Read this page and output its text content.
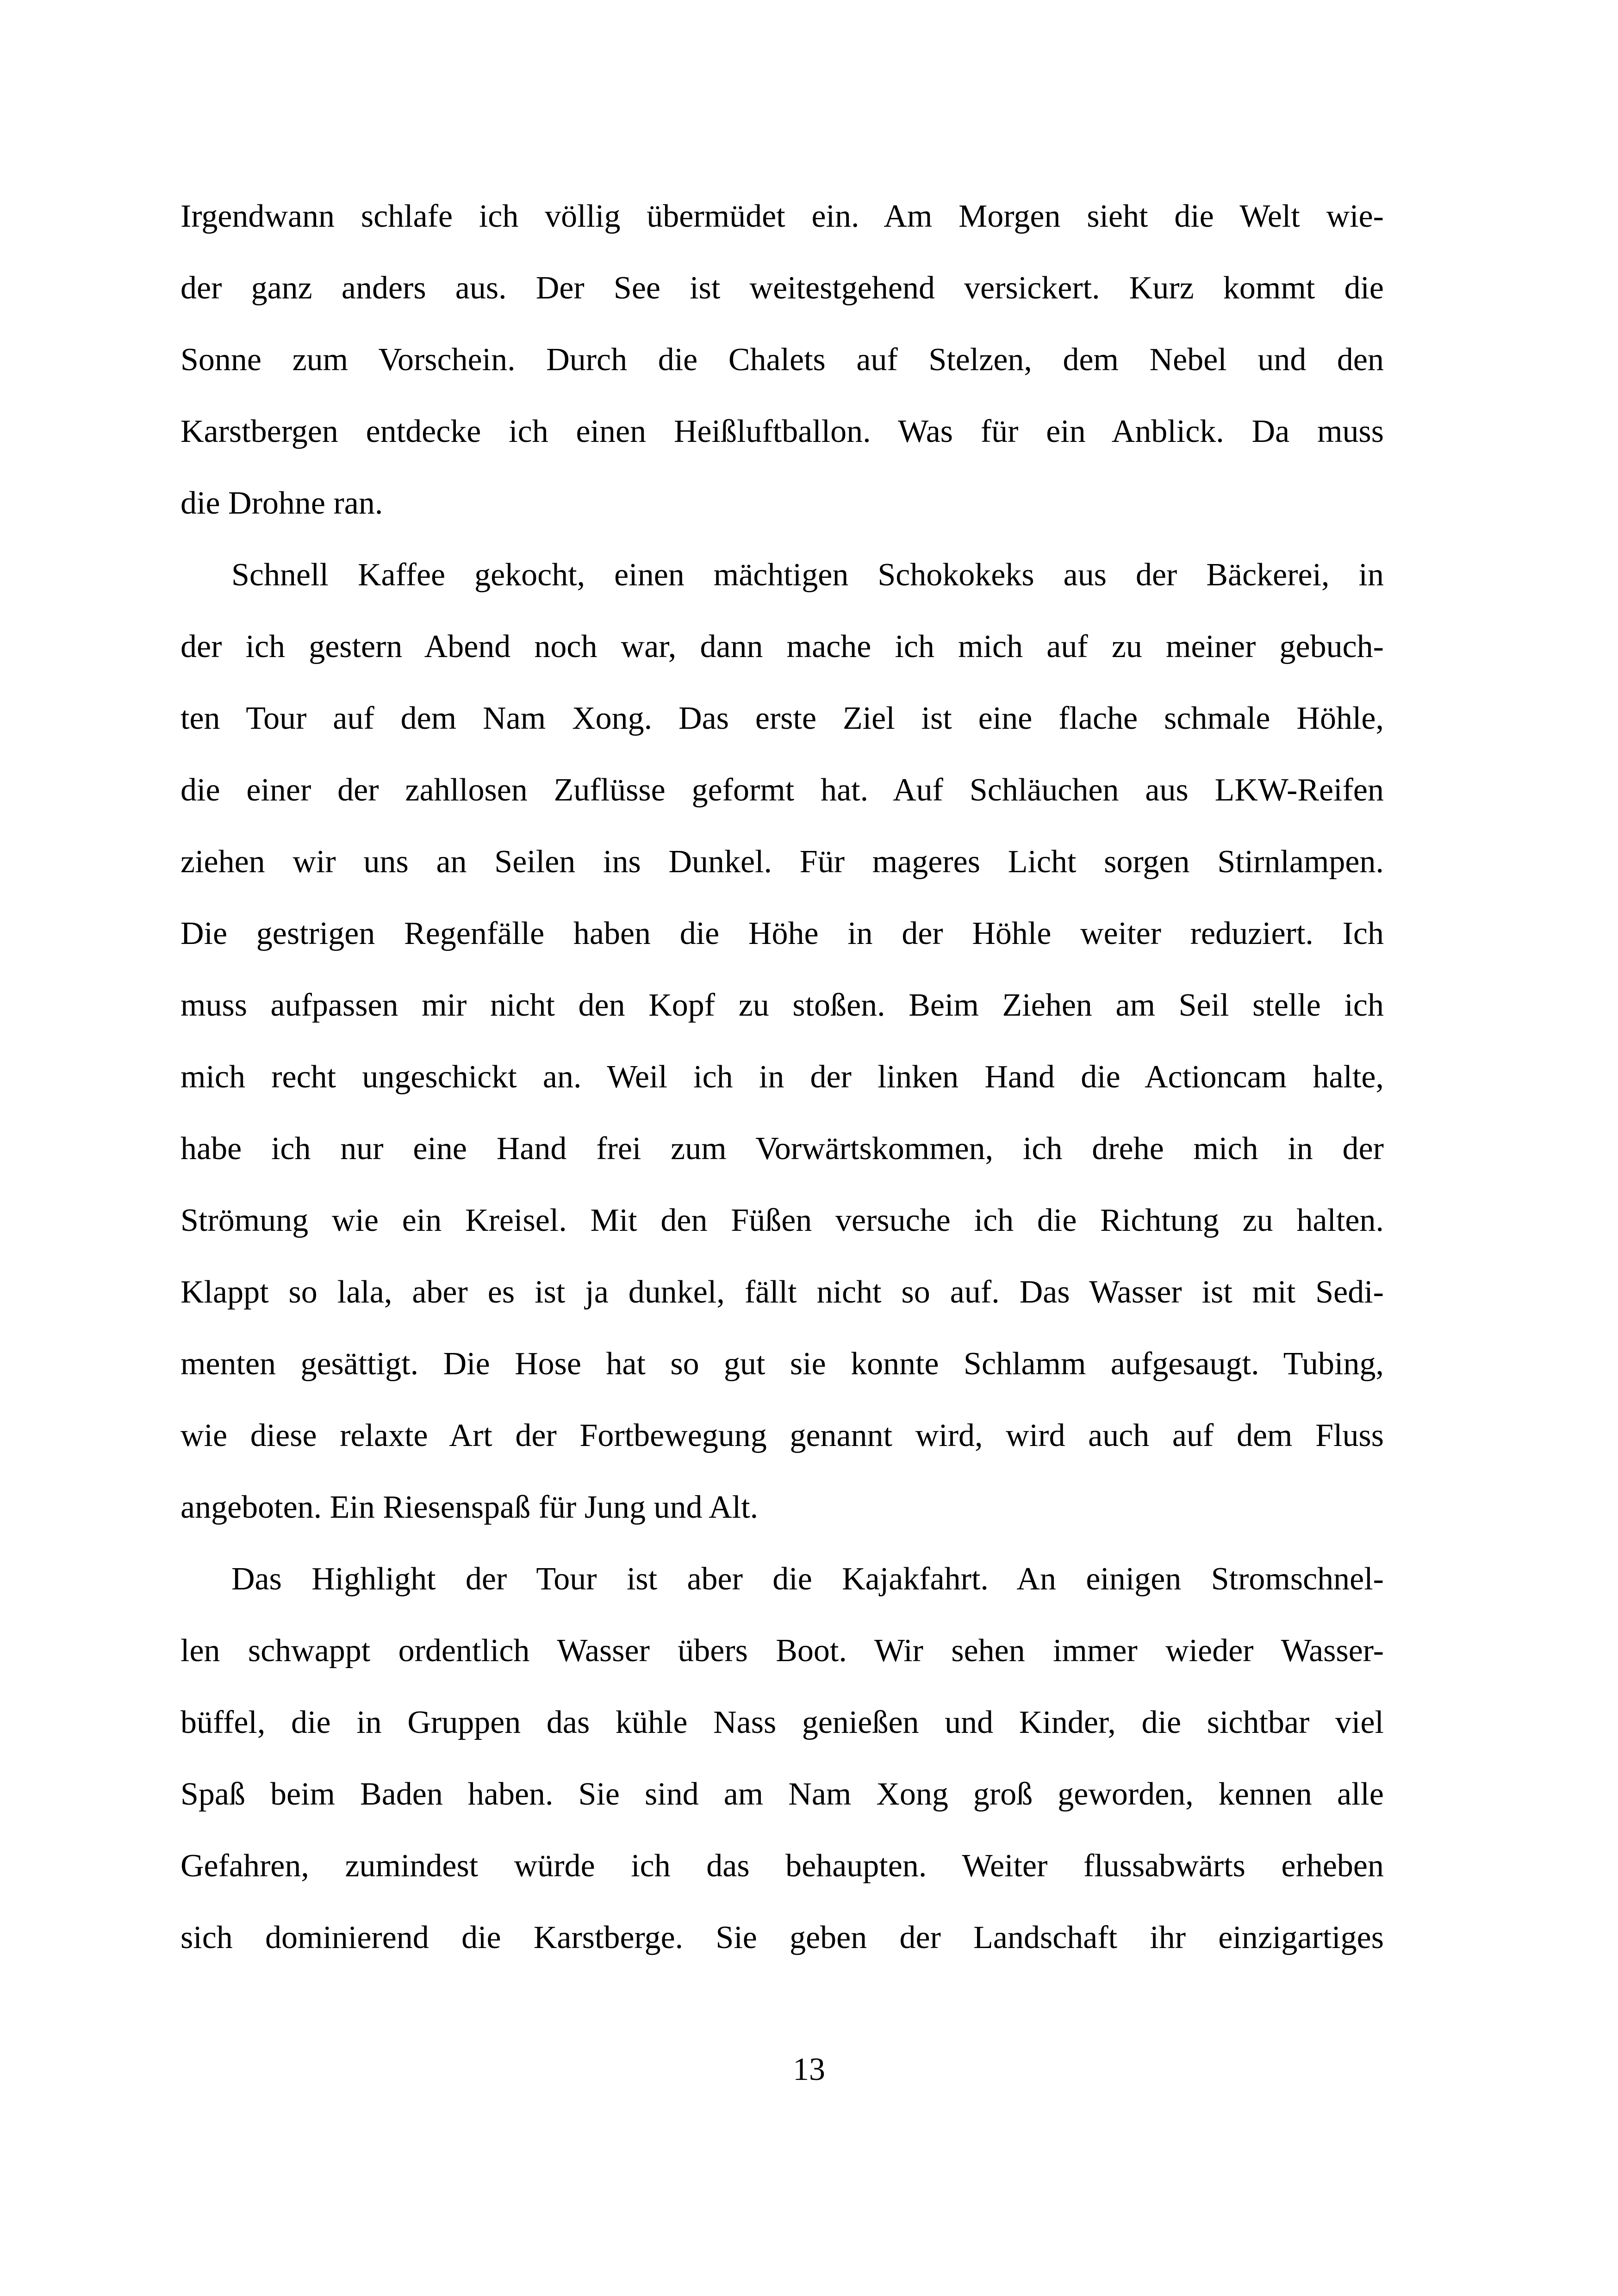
Irgendwann schlafe ich völlig übermüdet ein. Am Morgen sieht die Welt wie-

der ganz anders aus. Der See ist weitestgehend versickert. Kurz kommt die

Sonne zum Vorschein. Durch die Chalets auf Stelzen, dem Nebel und den

Karstbergen entdecke ich einen Heißluftballon. Was für ein Anblick. Da muss

die Drohne ran.

Schnell Kaffee gekocht, einen mächtigen Schokokeks aus der Bäckerei, in

der ich gestern Abend noch war, dann mache ich mich auf zu meiner gebuch-

ten Tour auf dem Nam Xong. Das erste Ziel ist eine flache schmale Höhle,

die einer der zahllosen Zuflüsse geformt hat. Auf Schläuchen aus LKW-Reifen

ziehen wir uns an Seilen ins Dunkel. Für mageres Licht sorgen Stirnlampen.

Die gestrigen Regenfälle haben die Höhe in der Höhle weiter reduziert. Ich

muss aufpassen mir nicht den Kopf zu stoßen. Beim Ziehen am Seil stelle ich

mich recht ungeschickt an. Weil ich in der linken Hand die Actioncam halte,

habe ich nur eine Hand frei zum Vorwärtskommen, ich drehe mich in der

Strömung wie ein Kreisel. Mit den Füßen versuche ich die Richtung zu halten.

Klappt so lala, aber es ist ja dunkel, fällt nicht so auf. Das Wasser ist mit Sedi-

menten gesättigt. Die Hose hat so gut sie konnte Schlamm aufgesaugt. Tubing,

wie diese relaxte Art der Fortbewegung genannt wird, wird auch auf dem Fluss

angeboten. Ein Riesenspaß für Jung und Alt.

Das Highlight der Tour ist aber die Kajakfahrt. An einigen Stromschnel-

len schwappt ordentlich Wasser übers Boot. Wir sehen immer wieder Wasser-

büffel, die in Gruppen das kühle Nass genießen und Kinder, die sichtbar viel

Spaß beim Baden haben. Sie sind am Nam Xong groß geworden, kennen alle

Gefahren, zumindest würde ich das behaupten. Weiter flussabwärts erheben

sich dominierend die Karstberge. Sie geben der Landschaft ihr einzigartiges

13
